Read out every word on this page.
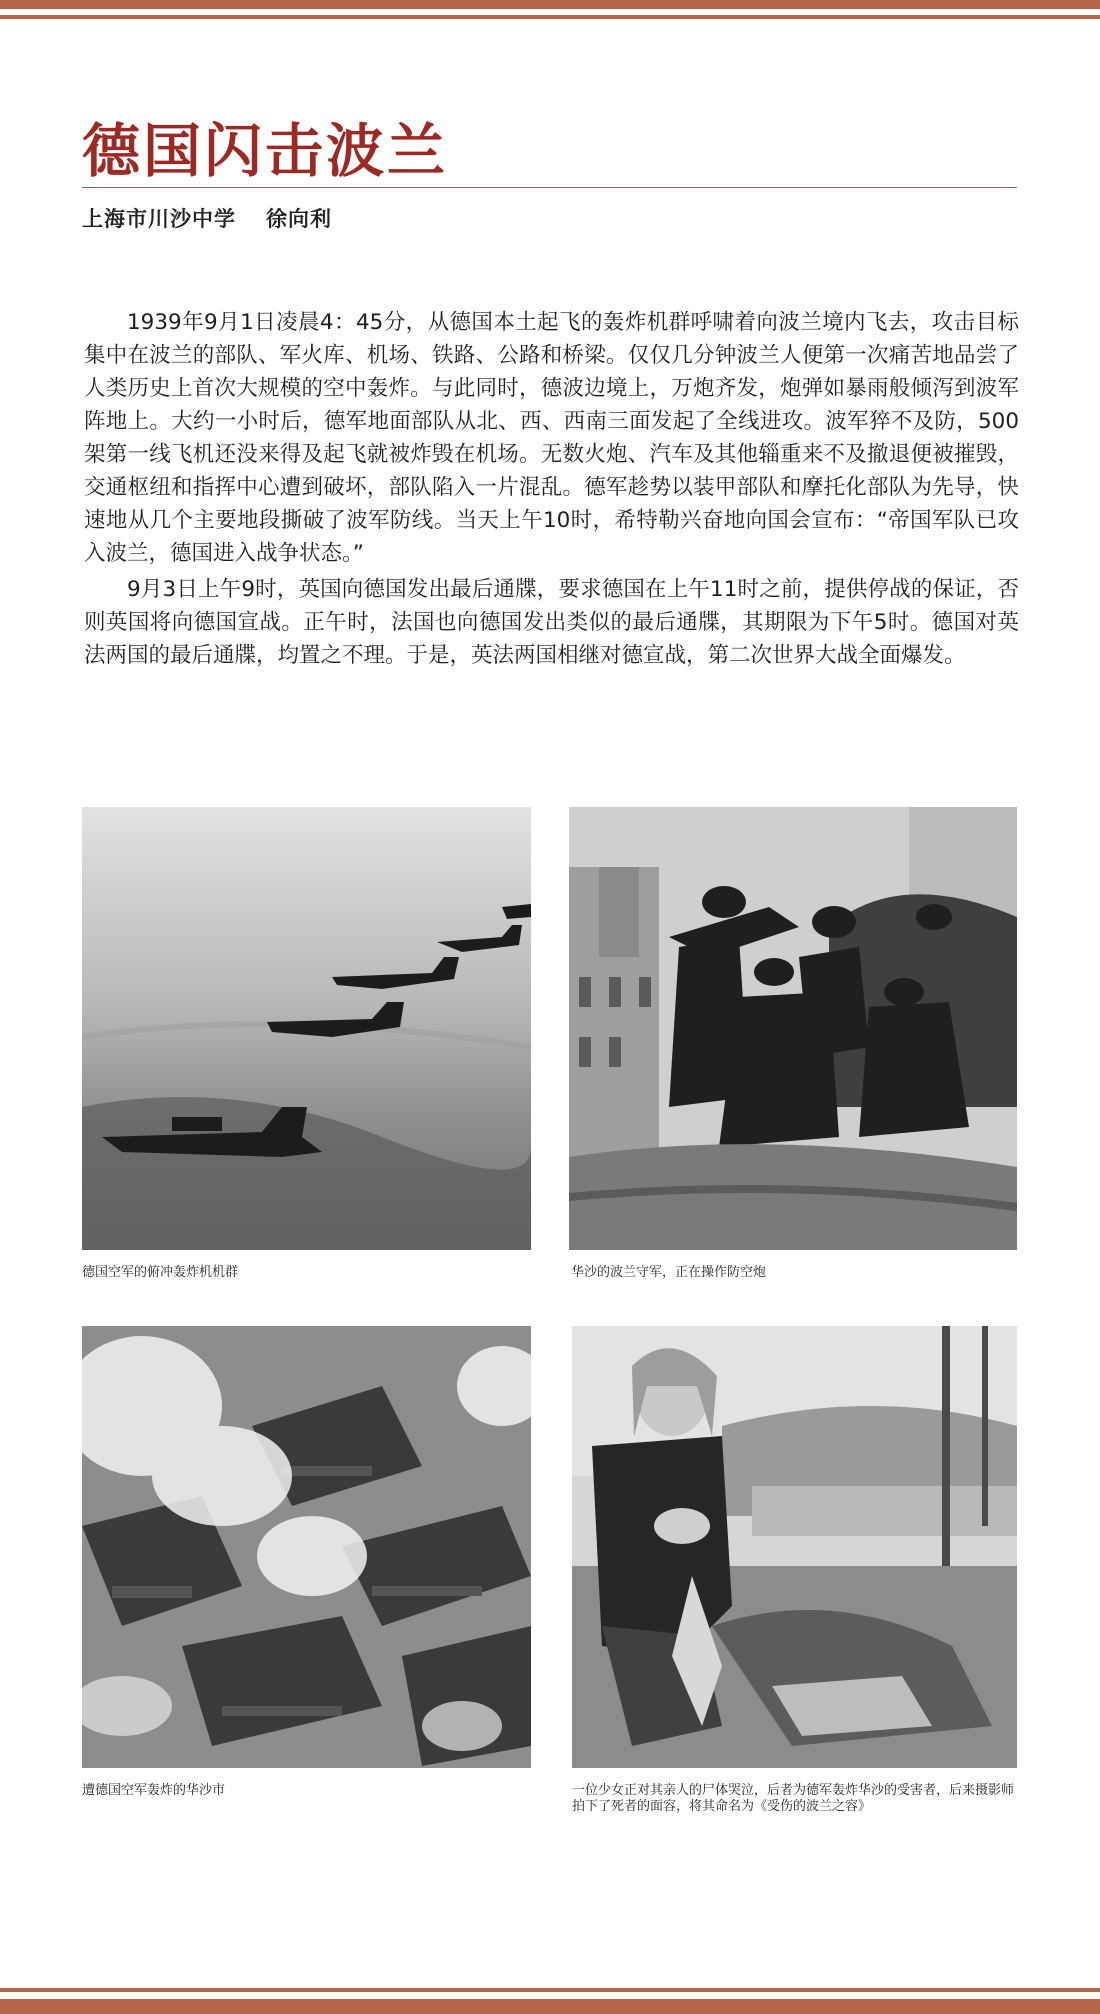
德国闪击波兰
上海市川沙中学 徐向利

1939年9月1日凌晨4：45分，从德国本土起飞的轰炸机群呼啸着向波兰境内飞去，攻击目标集中在波兰的部队、军火库、机场、铁路、公路和桥梁。仅仅几分钟波兰人便第一次痛苦地品尝了人类历史上首次大规模的空中轰炸。与此同时，德波边境上，万炮齐发，炮弹如暴雨般倾泻到波军阵地上。大约一小时后，德军地面部队从北、西、西南三面发起了全线进攻。波军猝不及防，500架第一线飞机还没来得及起飞就被炸毁在机场。无数火炮、汽车及其他辎重来不及撤退便被摧毁，交通枢纽和指挥中心遭到破坏，部队陷入一片混乱。德军趁势以装甲部队和摩托化部队为先导，快速地从几个主要地段撕破了波军防线。当天上午10时，希特勒兴奋地向国会宣布：“帝国军队已攻入波兰，德国进入战争状态。”

9月3日上午9时，英国向德国发出最后通牒，要求德国在上午11时之前，提供停战的保证，否则英国将向德国宣战。正午时，法国也向德国发出类似的最后通牒，其期限为下午5时。德国对英法两国的最后通牒，均置之不理。于是，英法两国相继对德宣战，第二次世界大战全面爆发。

德国空军的俯冲轰炸机机群	华沙的波兰守军，正在操作防空炮
遭德国空军轰炸的华沙市	一位少女正对其亲人的尸体哭泣，后者为德军轰炸华沙的受害者，后来摄影师拍下了死者的面容，将其命名为《受伤的波兰之容》
